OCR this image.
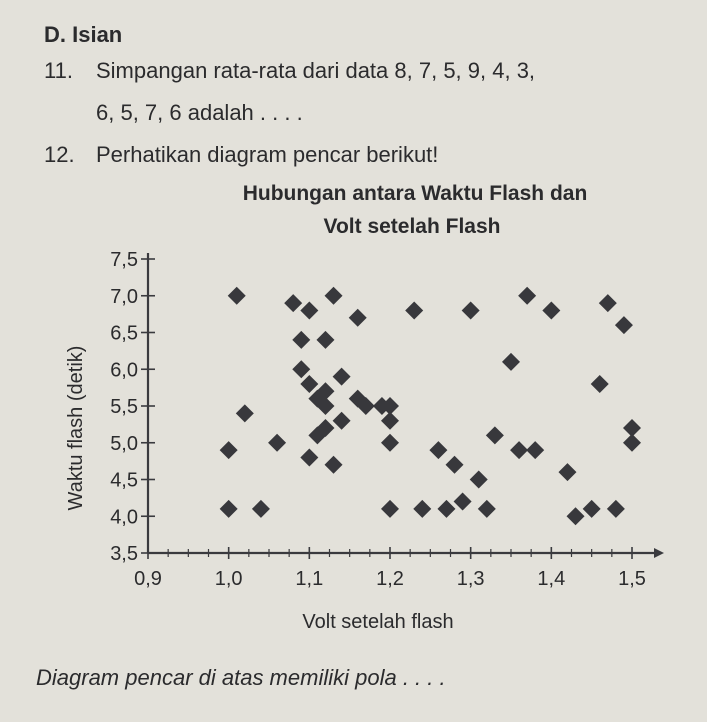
D. Isian
11. Simpangan rata-rata dari data 8, 7, 5, 9, 4, 3,
6, 5, 7, 6 adalah . . . .
12. Perhatikan diagram pencar berikut!
Hubungan antara Waktu Flash dan
Volt setelah Flash
0,9	1,0	1,1	1,2	1,3	1,4	1,5
3,5
4,0
4,5
5,0
5,5
6,0
6,5
7,0
7,5
Volt setelah flash
Waktu flash (detik)
Diagram pencar di atas memiliki pola . . . .
